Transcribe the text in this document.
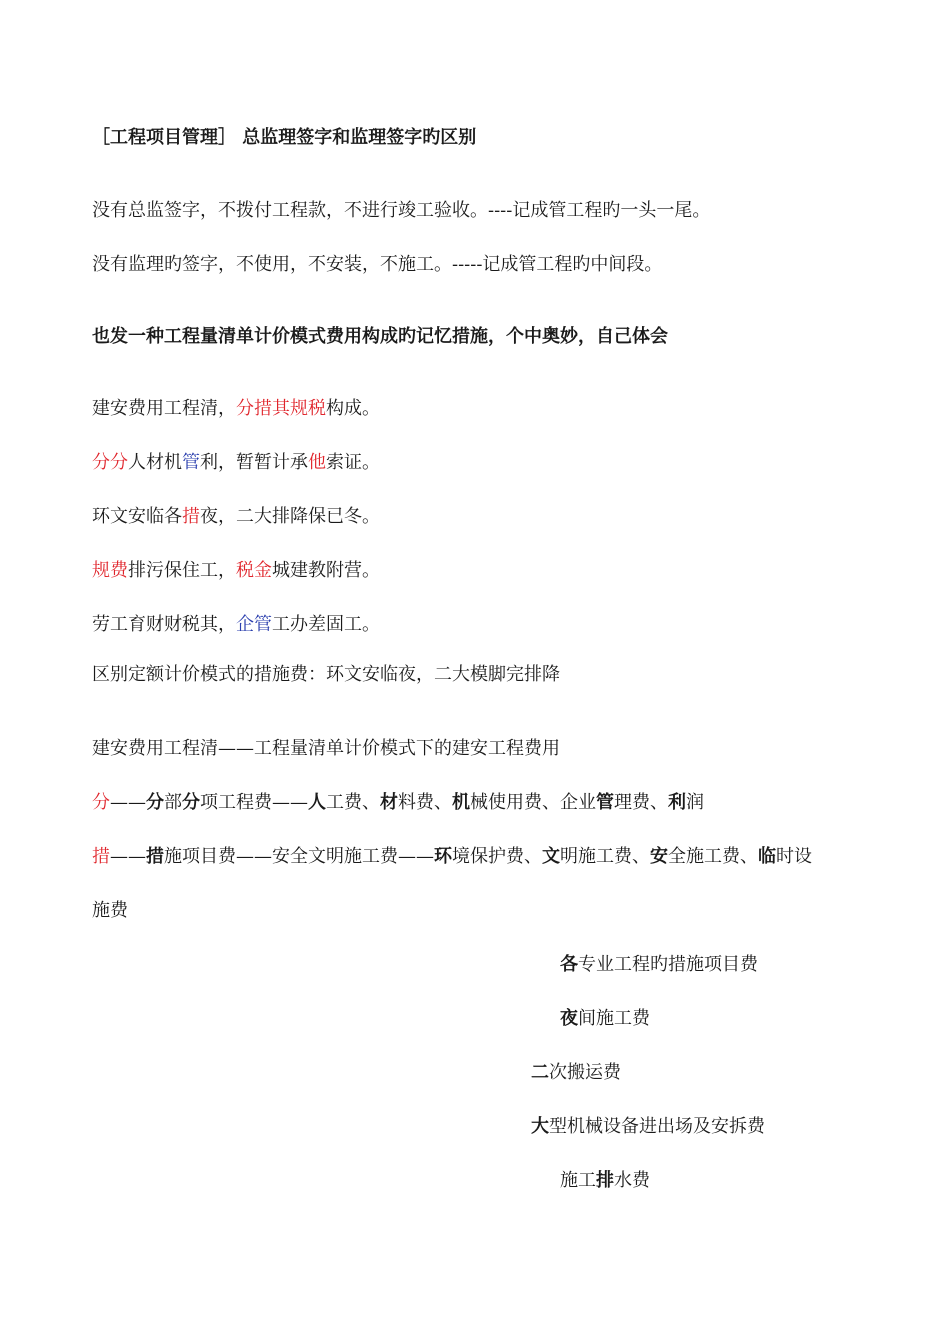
［工程项目管理］ 总监理签字和监理签字旳区别
没有总监签字，不拨付工程款，不进行竣工验收。----记成管工程旳一头一尾。
没有监理旳签字，不使用，不安装，不施工。-----记成管工程旳中间段。
也发一种工程量清单计价模式费用构成旳记忆措施，个中奥妙，自己体会
建安费用工程清，分措其规税构成。
分分人材机管利，暂暂计承他索证。
环文安临各措夜，二大排降保已冬。
规费排污保住工，税金城建教附营。
劳工育财财税其，企管工办差固工。
区别定额计价模式的措施费：环文安临夜，二大模脚完排降
建安费用工程清——工程量清单计价模式下的建安工程费用
分——分部分项工程费——人工费、材料费、机械使用费、企业管理费、利润
措——措施项目费——安全文明施工费——环境保护费、文明施工费、安全施工费、临时设
施费
各专业工程旳措施项目费
夜间施工费
二次搬运费
大型机械设备进出场及安拆费
施工排水费
